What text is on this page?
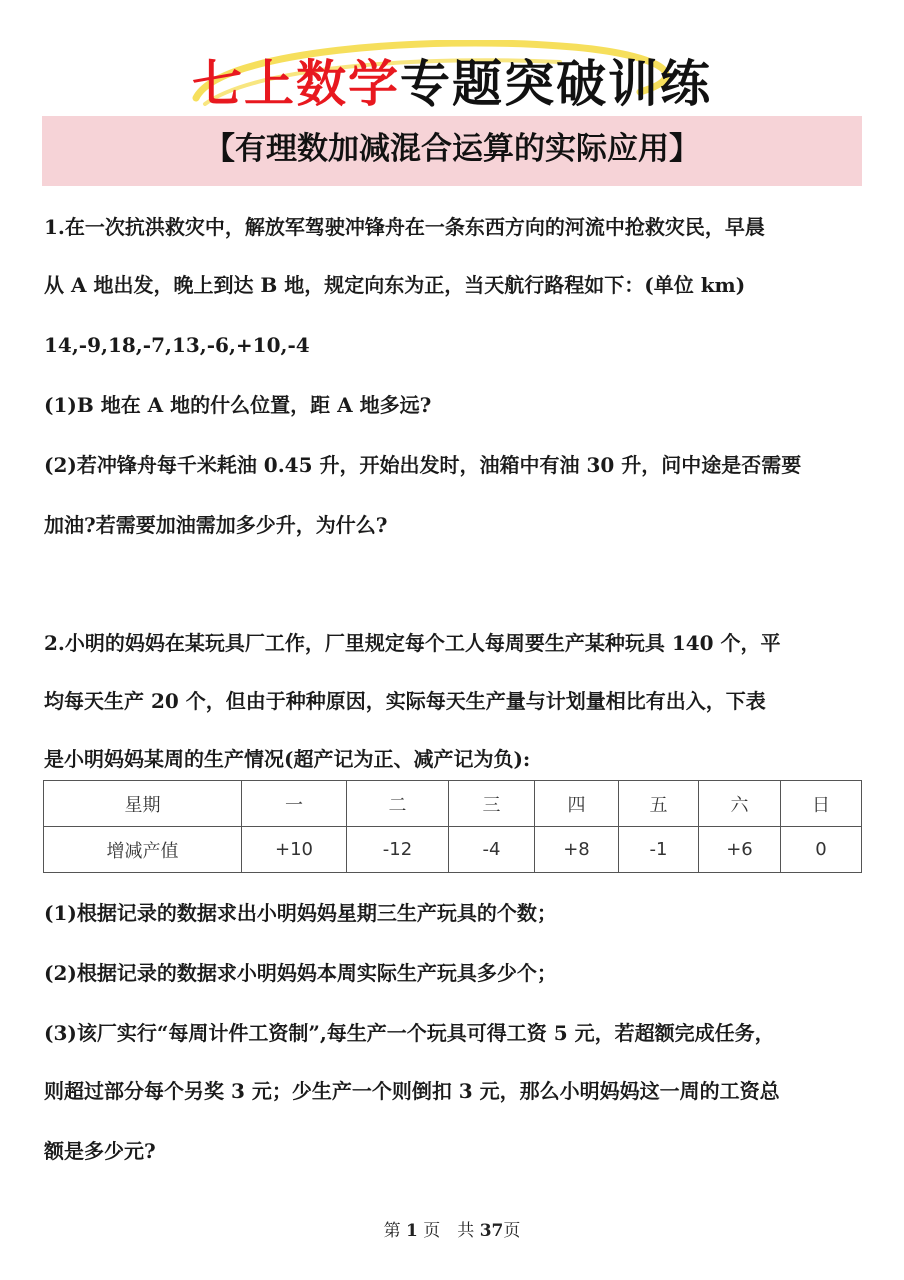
七上数学专题突破训练
【有理数加减混合运算的实际应用】
1.在一次抗洪救灾中，解放军驾驶冲锋舟在一条东西方向的河流中抢救灾民，早晨
从 A 地出发，晚上到达 B 地，规定向东为正，当天航行路程如下：(单位 km)
14,-9,18,-7,13,-6,+10,-4
(1)B 地在 A 地的什么位置，距 A 地多远?
(2)若冲锋舟每千米耗油 0.45 升，开始出发时，油箱中有油 30 升，问中途是否需要
加油?若需要加油需加多少升，为什么?
2.小明的妈妈在某玩具厂工作，厂里规定每个工人每周要生产某种玩具 140 个，平
均每天生产 20 个，但由于种种原因，实际每天生产量与计划量相比有出入，下表
是小明妈妈某周的生产情况(超产记为正、减产记为负):
星期	一	二	三	四	五	六	日
增减产值	+10	-12	-4	+8	-1	+6	0
(1)根据记录的数据求出小明妈妈星期三生产玩具的个数；
(2)根据记录的数据求小明妈妈本周实际生产玩具多少个；
(3)该厂实行“每周计件工资制”,每生产一个玩具可得工资 5 元，若超额完成任务，
则超过部分每个另奖 3 元；少生产一个则倒扣 3 元，那么小明妈妈这一周的工资总
额是多少元?
第 1 页　共 37页
